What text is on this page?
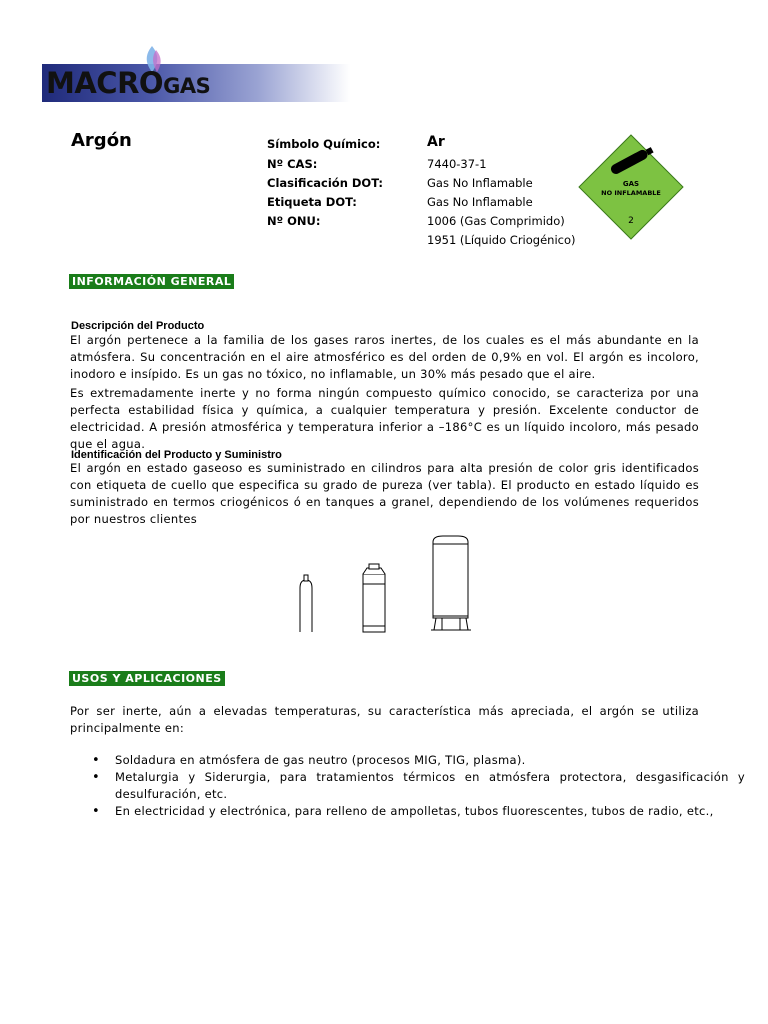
MACROGAS
Argón	Símbolo Químico:	Ar
Nº CAS:	7440-37-1
Clasificación DOT:	Gas No Inflamable
Etiqueta DOT:	Gas No Inflamable
Nº ONU:	1006 (Gas Comprimido)
1951 (Líquido Criogénico)
GAS
NO INFLAMABLE
2
INFORMACIÓN GENERAL
Descripción del Producto
El argón pertenece a la familia de los gases raros inertes, de los cuales es el más abundante en la atmósfera. Su concentración en el aire atmosférico es del orden de 0,9% en vol. El argón es incoloro, inodoro e insípido. Es un gas no tóxico, no inflamable, un 30% más pesado que el aire.
Es extremadamente inerte y no forma ningún compuesto químico conocido, se caracteriza por una perfecta estabilidad física y química, a cualquier temperatura y presión. Excelente conductor de electricidad. A presión atmosférica y temperatura inferior a –186°C es un líquido incoloro, más pesado que el agua.
Identificación del Producto y Suministro
El argón en estado gaseoso es suministrado en cilindros para alta presión de color gris identificados con etiqueta de cuello que especifica su grado de pureza (ver tabla). El producto en estado líquido es suministrado en termos criogénicos ó en tanques a granel, dependiendo de los volúmenes requeridos por nuestros clientes
USOS Y APLICACIONES
Por ser inerte, aún a elevadas temperaturas, su característica más apreciada, el argón se utiliza principalmente en:
• Soldadura en atmósfera de gas neutro (procesos MIG, TIG, plasma).
• Metalurgia y Siderurgia, para tratamientos térmicos en atmósfera protectora, desgasificación y desulfuración, etc.
• En electricidad y electrónica, para relleno de ampolletas, tubos fluorescentes, tubos de radio, etc.,
